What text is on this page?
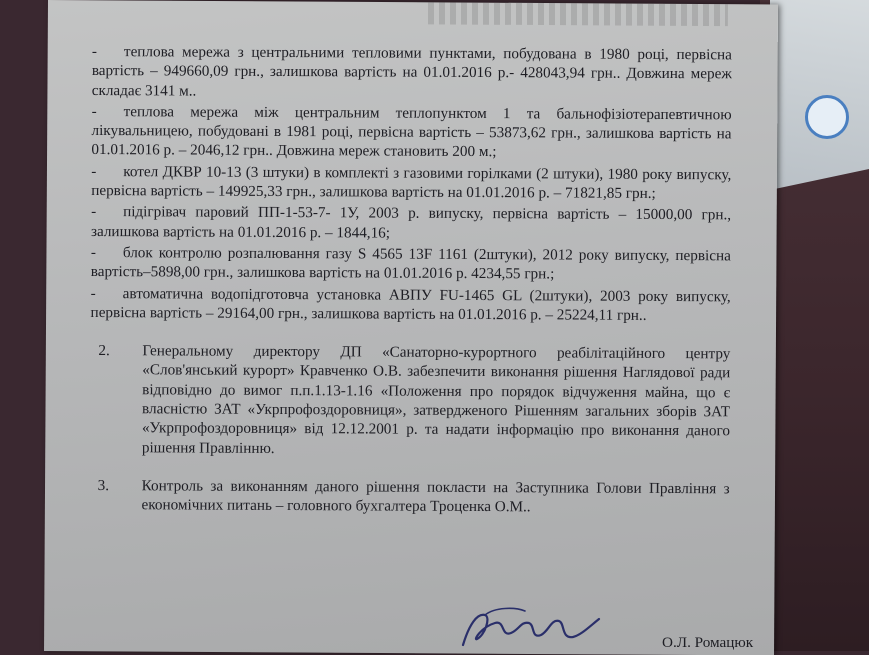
- теплова мережа з центральними тепловими пунктами, побудована в 1980 році, первісна вартість – 949660,09 грн., залишкова вартість на 01.01.2016 р.- 428043,94 грн.. Довжина мереж складає 3141 м..

- теплова мережа між центральним теплопунктом 1 та бальнофізіотерапевтичною лікувальницею, побудовані в 1981 році, первісна вартість – 53873,62 грн., залишкова вартість на 01.01.2016 р. – 2046,12 грн.. Довжина мереж становить 200 м.;

- котел ДКВР 10-13 (3 штуки) в комплекті з газовими горілками (2 штуки), 1980 року випуску, первісна вартість – 149925,33 грн., залишкова вартість на 01.01.2016 р. – 71821,85 грн.;

- підігрівач паровий ПП-1-53-7- 1У, 2003 р. випуску, первісна вартість – 15000,00 грн., залишкова вартість на 01.01.2016 р. – 1844,16;

- блок контролю розпалювання газу S 4565 13F 1161 (2штуки), 2012 року випуску, первісна вартість–5898,00 грн., залишкова вартість на 01.01.2016 р. 4234,55 грн.;

- автоматична водопідготовча установка АВПУ FU-1465 GL (2штуки), 2003 року випуску, первісна вартість – 29164,00 грн., залишкова вартість на 01.01.2016 р. – 25224,11 грн..

2.	Генеральному директору ДП «Санаторно-курортного реабілітаційного центру «Слов'янський курорт» Кравченко О.В. забезпечити виконання рішення Наглядової ради відповідно до вимог п.п.1.13-1.16 «Положення про порядок відчуження майна, що є власністю ЗАТ «Укрпрофоздоровниця», затвердженого Рішенням загальних зборів ЗАТ «Укрпрофоздоровниця» від 12.12.2001 р. та надати інформацію про виконання даного рішення Правлінню.

3.	Контроль за виконанням даного рішення покласти на Заступника Голови Правління з економічних питань – головного бухгалтера Троценка О.М..

О.Л. Ромацюк
